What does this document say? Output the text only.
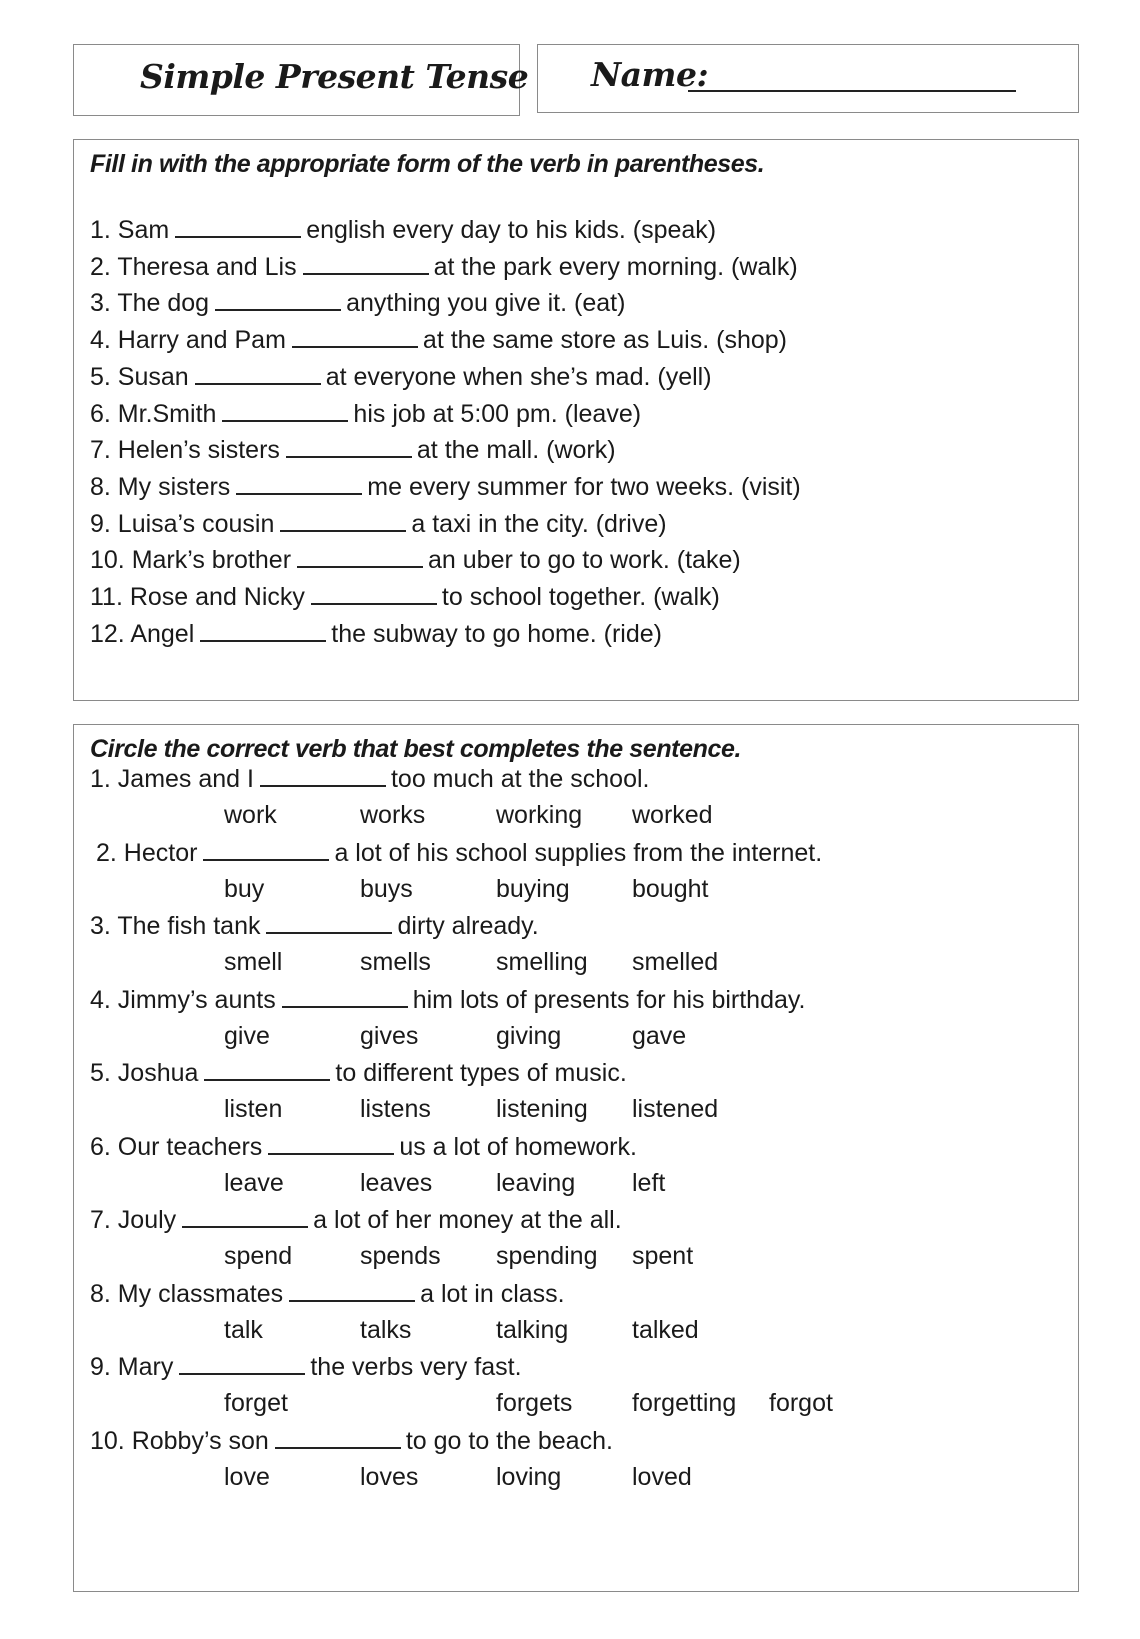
Simple Present Tense Name:
Fill in with the appropriate form of the verb in parentheses.
1. Sam	english every day to his kids. (speak)
2. Theresa and Lis	at the park every morning. (walk)
3. The dog	anything you give it. (eat)
4. Harry and Pam	at the same store as Luis. (shop)
5. Susan	at everyone when she’s mad. (yell)
6. Mr.Smith	his job at 5:00 pm. (leave)
7. Helen’s sisters	at the mall. (work)
8. My sisters	me every summer for two weeks. (visit)
9. Luisa’s cousin	a taxi in the city. (drive)
10. Mark’s brother	an uber to go to work. (take)
11. Rose and Nicky	to school together. (walk)
12. Angel	the subway to go home. (ride)
Circle the correct verb that best completes the sentence.
1. James and I	too much at the school.
work	works	working worked
2. Hector	a lot of his school supplies from the internet.
buy	buys	buying bought
3. The fish tank	dirty already.
smell	smells	smelling smelled
4. Jimmy’s aunts	him lots of presents for his birthday.
give	gives	giving	gave
5. Joshua	to different types of music.
listen	listens	listening listened
6. Our teachers	us a lot of homework.
leave	leaves	leaving left
7. Jouly	a lot of her money at the all.
spend	spends spending spent
8. My classmates	a lot in class.
talk	talks	talking	talked
9. Mary	the verbs very fast.
forget	forgets forgetting forgot
10. Robby’s son	to go to the beach.
love	loves	loving	loved
